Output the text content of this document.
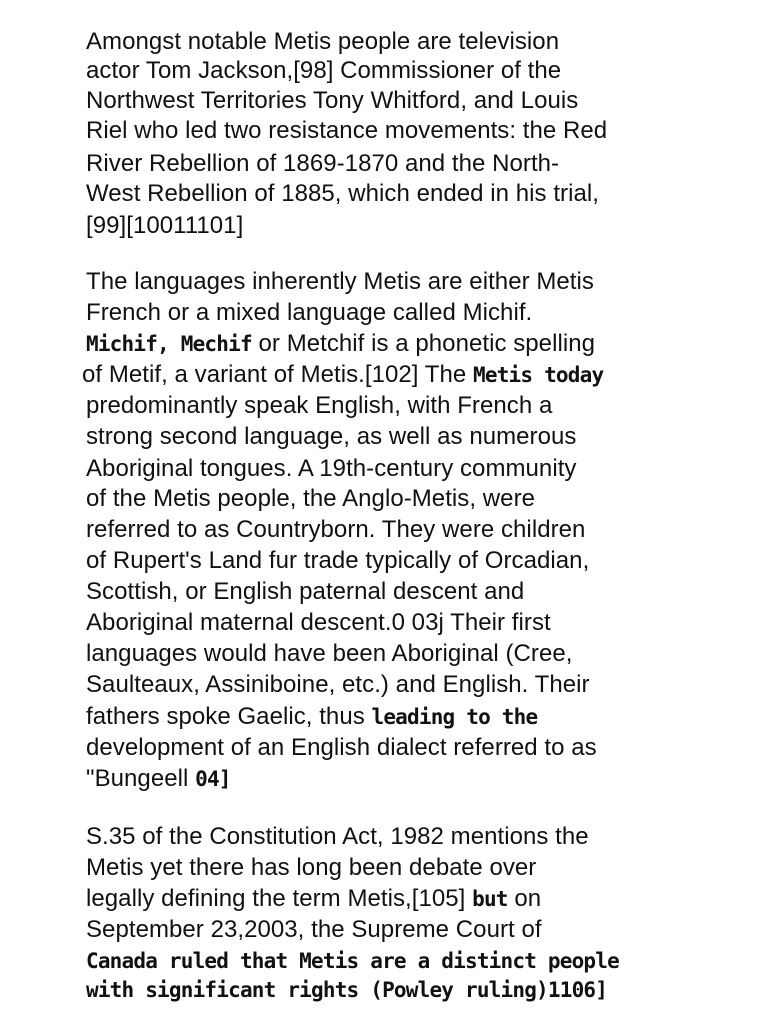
Amongst notable Metis people are television
actor Tom Jackson,[98] Commissioner of the
Northwest Territories Tony Whitford, and Louis
Riel who led two resistance movements: the Red
River Rebellion of 1869-1870 and the North-
West Rebellion of 1885, which ended in his trial,
[99][10011101]
The languages inherently Metis are either Metis
French or a mixed language called Michif.
Michif, Mechif or Metchif is a phonetic spelling
of Metif, a variant of Metis.[102] The Metis today
predominantly speak English, with French a
strong second language, as well as numerous
Aboriginal tongues. A 19th-century community
of the Metis people, the Anglo-Metis, were
referred to as Countryborn. They were children
of Rupert's Land fur trade typically of Orcadian,
Scottish, or English paternal descent and
Aboriginal maternal descent.0 03j Their first
languages would have been Aboriginal (Cree,
Saulteaux, Assiniboine, etc.) and English. Their
fathers spoke Gaelic, thus leading to the
development of an English dialect referred to as
"Bungeell 04]
S.35 of the Constitution Act, 1982 mentions the
Metis yet there has long been debate over
legally defining the term Metis,[105] but on
September 23,2003, the Supreme Court of
Canada ruled that Metis are a distinct people
with significant rights (Powley ruling)1106]
